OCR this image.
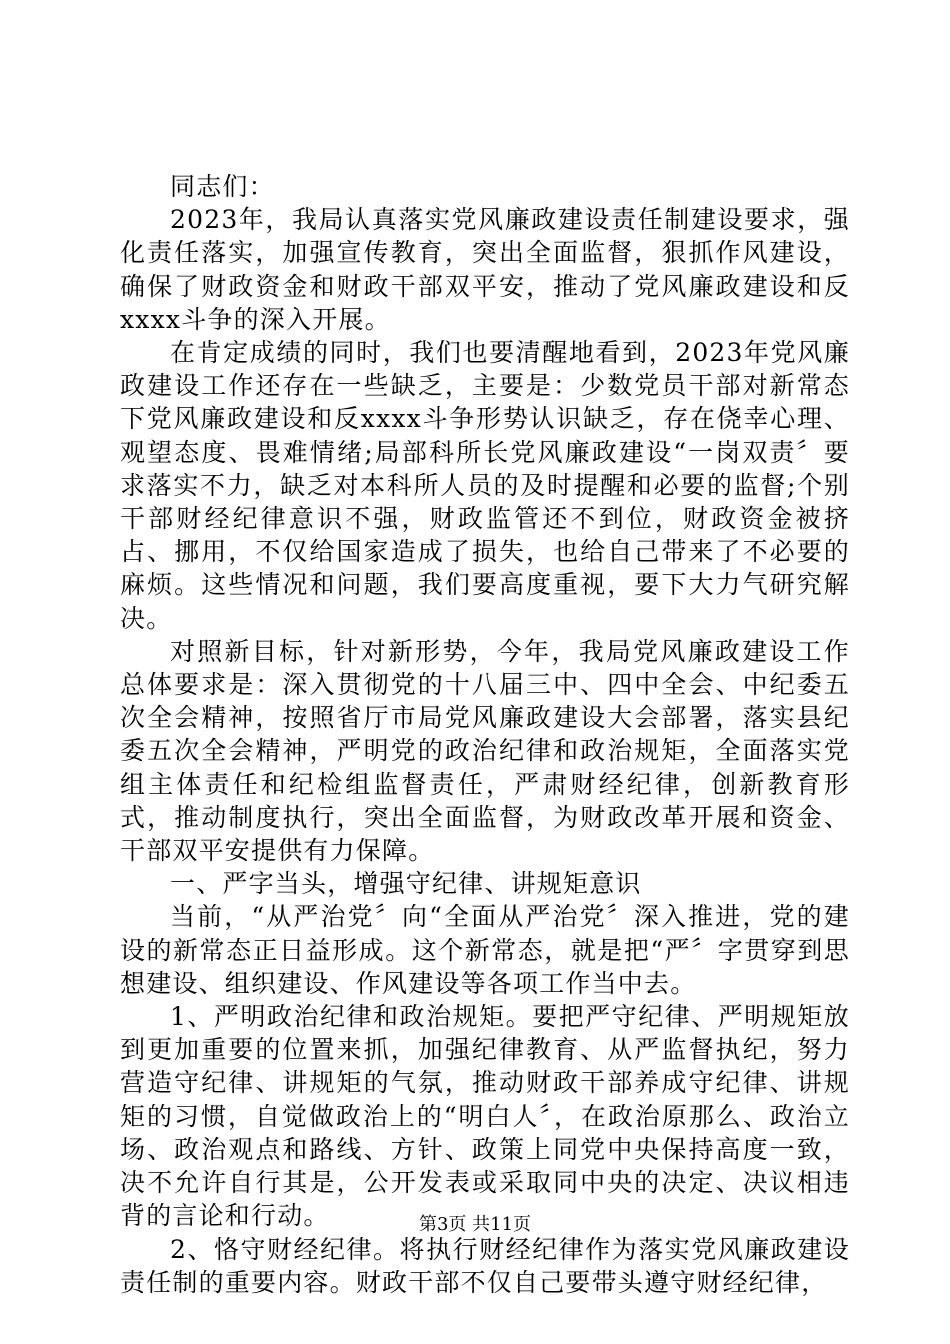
同志们：

2023年，我局认真落实党风廉政建设责任制建设要求，强化责任落实，加强宣传教育，突出全面监督，狠抓作风建设，确保了财政资金和财政干部双平安，推动了党风廉政建设和反xxxx斗争的深入开展。

在肯定成绩的同时，我们也要清醒地看到，2023年党风廉政建设工作还存在一些缺乏，主要是：少数党员干部对新常态下党风廉政建设和反xxxx斗争形势认识缺乏，存在侥幸心理、观望态度、畏难情绪;局部科所长党风廉政建设“一岗双责〞要求落实不力，缺乏对本科所人员的及时提醒和必要的监督;个别干部财经纪律意识不强，财政监管还不到位，财政资金被挤占、挪用，不仅给国家造成了损失，也给自己带来了不必要的麻烦。这些情况和问题，我们要高度重视，要下大力气研究解决。

对照新目标，针对新形势，今年，我局党风廉政建设工作总体要求是：深入贯彻党的十八届三中、四中全会、中纪委五次全会精神，按照省厅市局党风廉政建设大会部署，落实县纪委五次全会精神，严明党的政治纪律和政治规矩，全面落实党组主体责任和纪检组监督责任，严肃财经纪律，创新教育形式，推动制度执行，突出全面监督，为财政改革开展和资金、干部双平安提供有力保障。

一、严字当头，增强守纪律、讲规矩意识

当前，“从严治党〞向“全面从严治党〞深入推进，党的建设的新常态正日益形成。这个新常态，就是把“严〞字贯穿到思想建设、组织建设、作风建设等各项工作当中去。

1、严明政治纪律和政治规矩。要把严守纪律、严明规矩放到更加重要的位置来抓，加强纪律教育、从严监督执纪，努力营造守纪律、讲规矩的气氛，推动财政干部养成守纪律、讲规矩的习惯，自觉做政治上的“明白人〞，在政治原那么、政治立场、政治观点和路线、方针、政策上同党中央保持高度一致，决不允许自行其是，公开发表或采取同中央的决定、决议相违背的言论和行动。

2、恪守财经纪律。将执行财经纪律作为落实党风廉政建设责任制的重要内容。财政干部不仅自己要带头遵守财经纪律，

第3页 共11页
